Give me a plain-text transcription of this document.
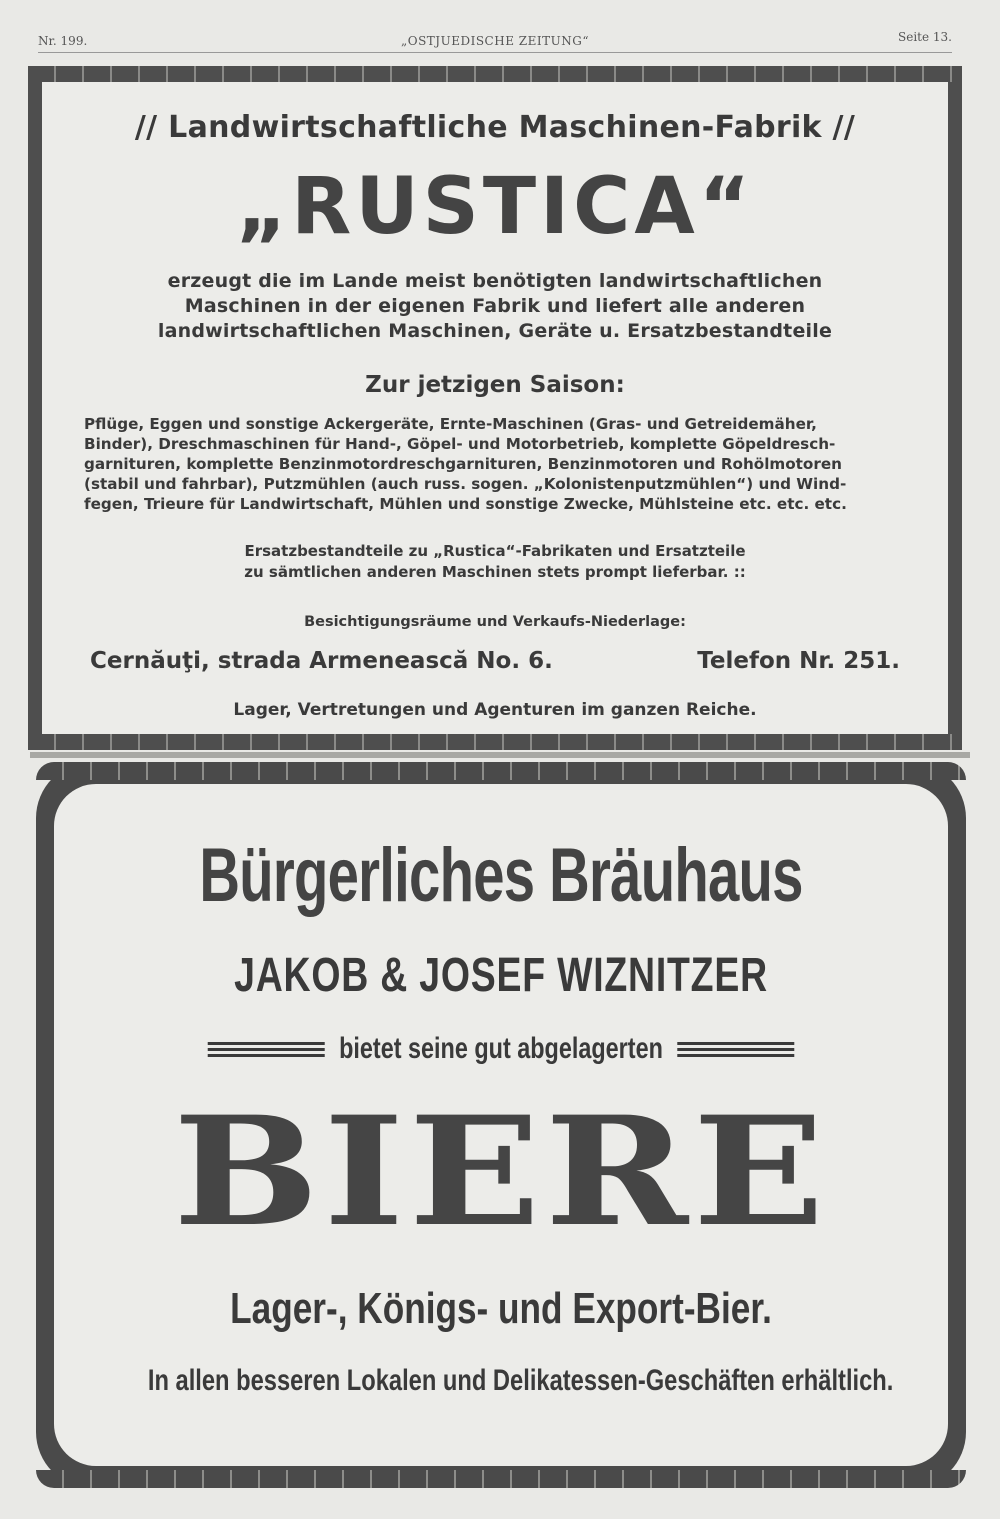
Nr. 199.	„OSTJUEDISCHE ZEITUNG“	Seite 13.
// Landwirtschaftliche Maschinen-Fabrik //
„RUSTICA“
erzeugt die im Lande meist benötigten landwirtschaftlichen
Maschinen in der eigenen Fabrik und liefert alle anderen
landwirtschaftlichen Maschinen, Geräte u. Ersatzbestandteile
Zur jetzigen Saison:
Pflüge, Eggen und sonstige Ackergeräte, Ernte-Maschinen (Gras- und Getreidemäher,
Binder), Dreschmaschinen für Hand-, Göpel- und Motorbetrieb, komplette Göpeldresch-
garnituren, komplette Benzinmotordreschgarnituren, Benzinmotoren und Rohölmotoren
(stabil und fahrbar), Putzmühlen (auch russ. sogen. „Kolonistenputzmühlen“) und Wind-
fegen, Trieure für Landwirtschaft, Mühlen und sonstige Zwecke, Mühlsteine etc. etc. etc.
Ersatzbestandteile zu „Rustica“-Fabrikaten und Ersatzteile
zu sämtlichen anderen Maschinen stets prompt lieferbar. ::
Besichtigungsräume und Verkaufs-Niederlage:
Cernăuţi, strada Armenească No. 6.	Telefon Nr. 251.
Lager, Vertretungen und Agenturen im ganzen Reiche.
Bürgerliches Bräuhaus
JAKOB & JOSEF WIZNITZER
bietet seine gut abgelagerten
BIERE
Lager-, Königs- und Export-Bier.
In allen besseren Lokalen und Delikatessen-Geschäften erhältlich.
